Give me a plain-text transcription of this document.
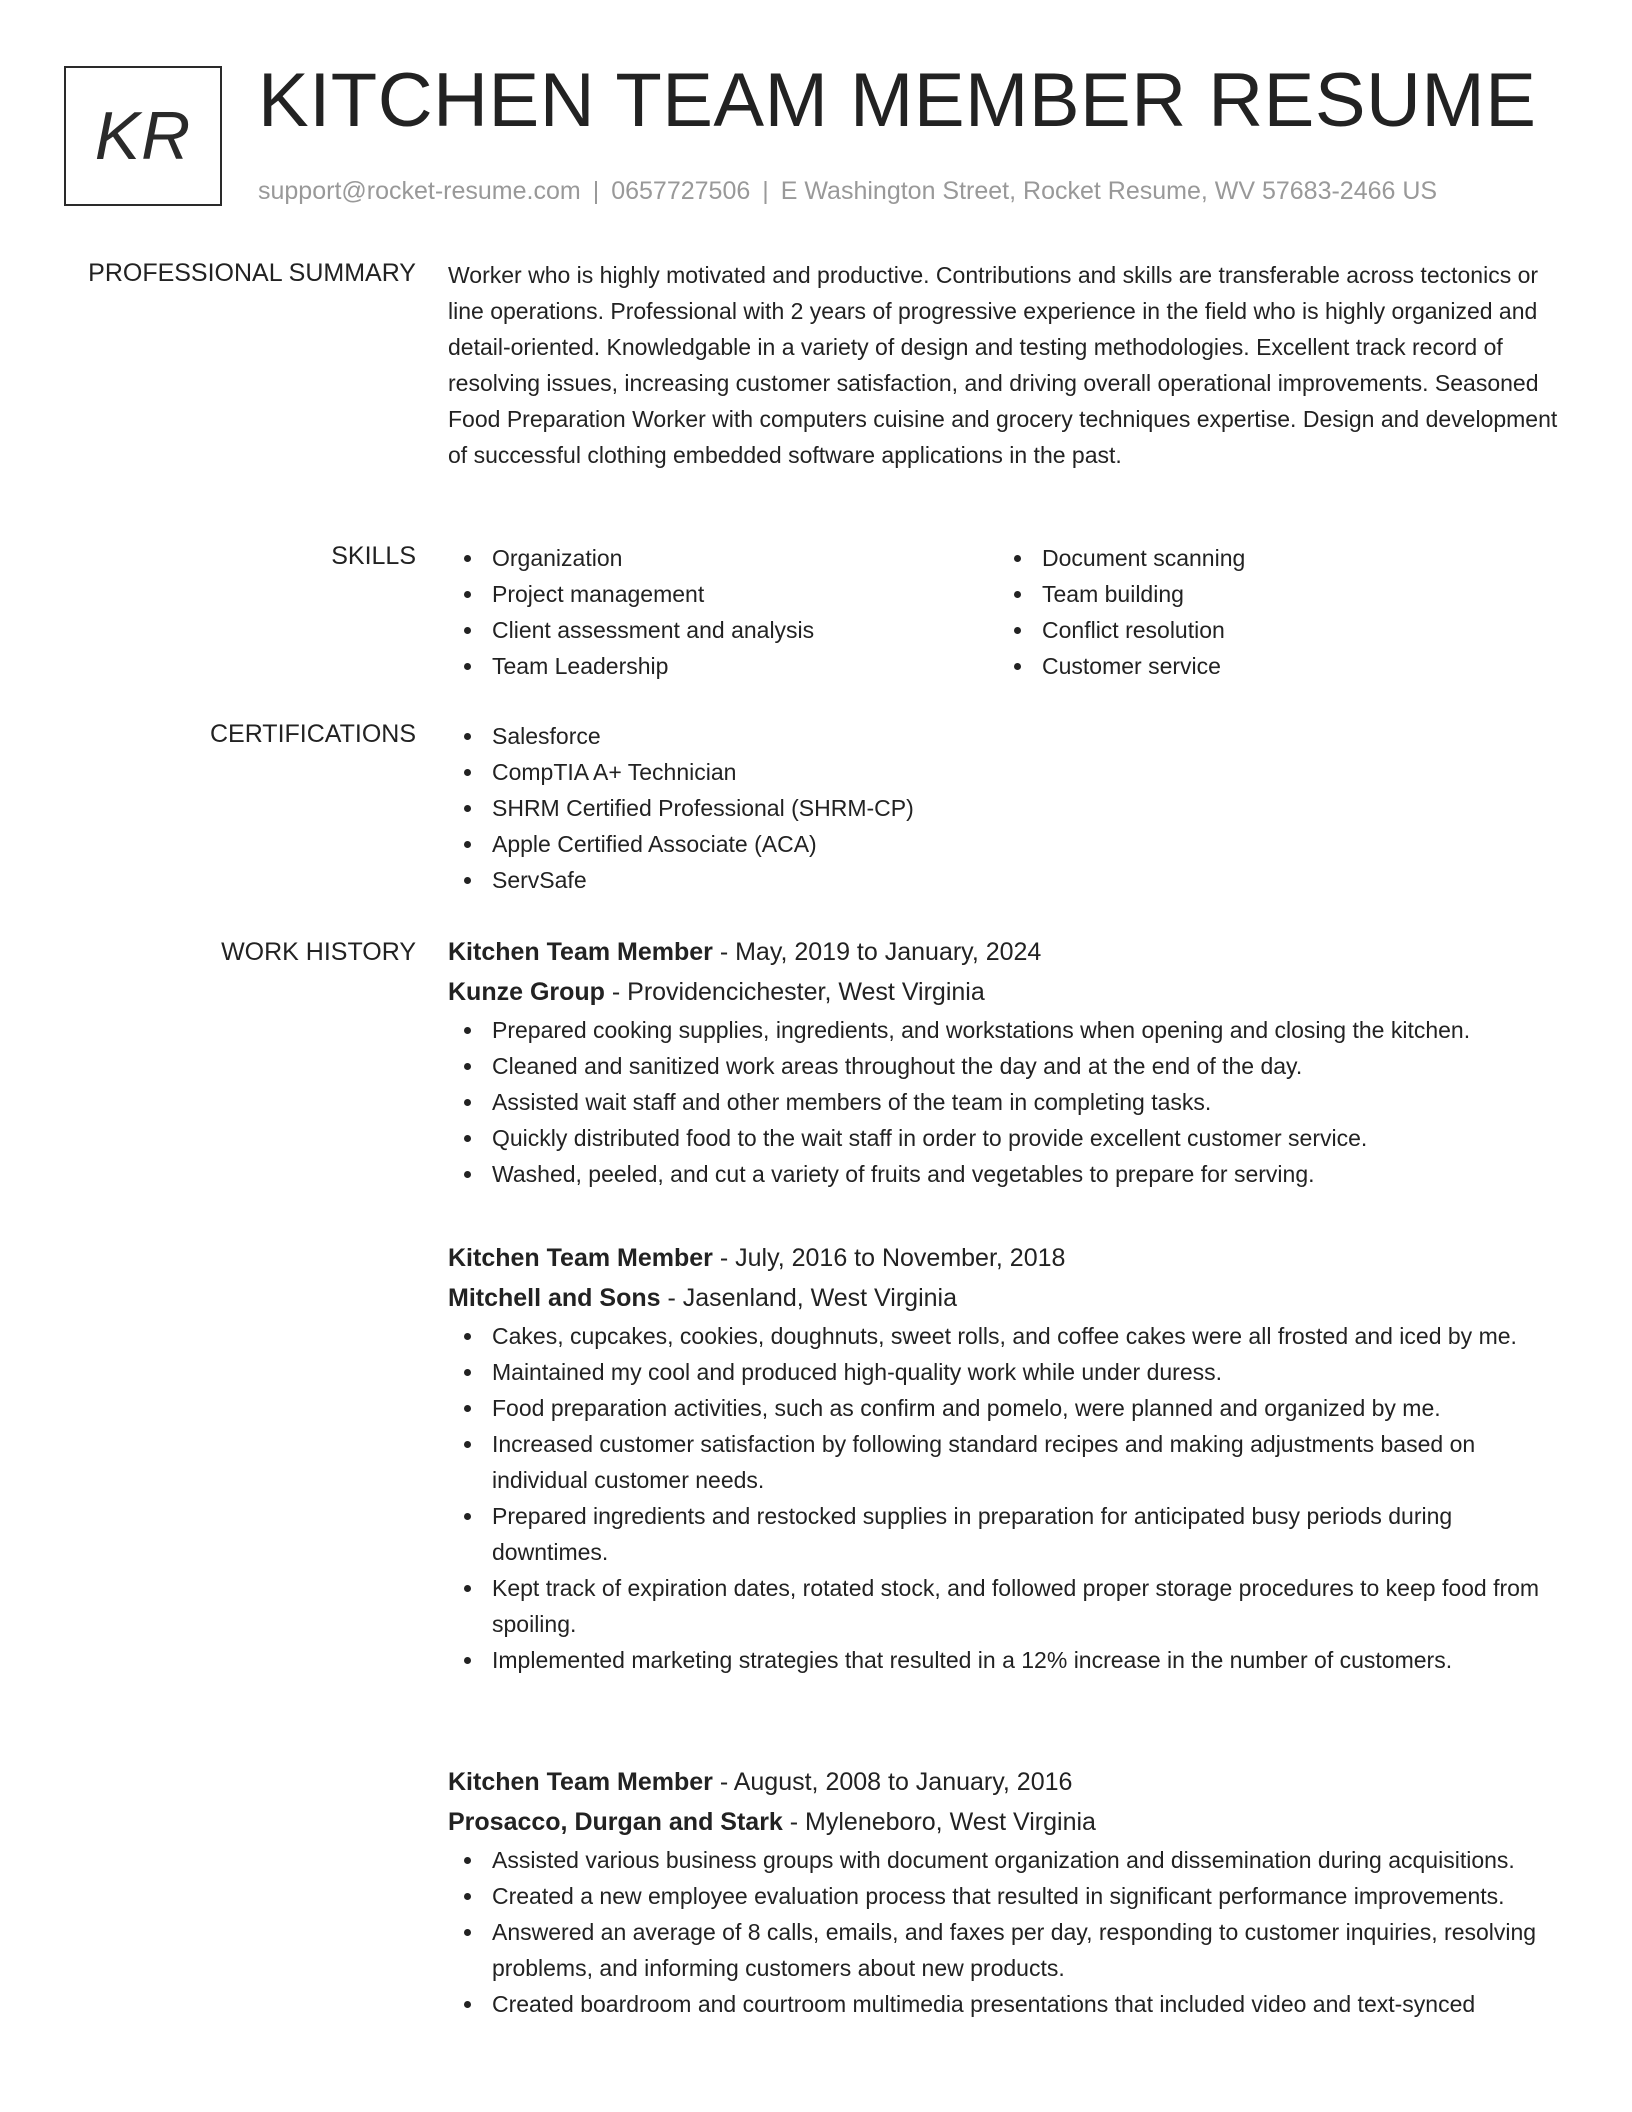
KR KITCHEN TEAM MEMBER RESUME
support@rocket-resume.com | 0657727506 | E Washington Street, Rocket Resume, WV 57683-2466 US
PROFESSIONAL SUMMARY Worker who is highly motivated and productive. Contributions and skills are transferable across tectonics or line operations. Professional with 2 years of progressive experience in the field who is highly organized and detail-oriented. Knowledgable in a variety of design and testing methodologies. Excellent track record of resolving issues, increasing customer satisfaction, and driving overall operational improvements. Seasoned Food Preparation Worker with computers cuisine and grocery techniques expertise. Design and development of successful clothing embedded software applications in the past.

SKILLS	Organization
Project management
Client assessment and analysis
Team Leadership
Document scanning
Team building
Conflict resolution
Customer service
CERTIFICATIONS	Salesforce
CompTIA A+ Technician
SHRM Certified Professional (SHRM-CP)
Apple Certified Associate (ACA)
ServSafe
WORK HISTORY Kitchen Team Member - May, 2019 to January, 2024
Kunze Group - Providencichester, West Virginia
Prepared cooking supplies, ingredients, and workstations when opening and closing the kitchen.
Cleaned and sanitized work areas throughout the day and at the end of the day.
Assisted wait staff and other members of the team in completing tasks.
Quickly distributed food to the wait staff in order to provide excellent customer service.
Washed, peeled, and cut a variety of fruits and vegetables to prepare for serving.
Kitchen Team Member - July, 2016 to November, 2018
Mitchell and Sons - Jasenland, West Virginia
Cakes, cupcakes, cookies, doughnuts, sweet rolls, and coffee cakes were all frosted and iced by me.
Maintained my cool and produced high-quality work while under duress.
Food preparation activities, such as confirm and pomelo, were planned and organized by me.
Increased customer satisfaction by following standard recipes and making adjustments based on individual customer needs.
Prepared ingredients and restocked supplies in preparation for anticipated busy periods during downtimes.
Kept track of expiration dates, rotated stock, and followed proper storage procedures to keep food from spoiling.
Implemented marketing strategies that resulted in a 12% increase in the number of customers.
Kitchen Team Member - August, 2008 to January, 2016
Prosacco, Durgan and Stark - Myleneboro, West Virginia
Assisted various business groups with document organization and dissemination during acquisitions.
Created a new employee evaluation process that resulted in significant performance improvements.
Answered an average of 8 calls, emails, and faxes per day, responding to customer inquiries, resolving problems, and informing customers about new products.
Created boardroom and courtroom multimedia presentations that included video and text-synced
